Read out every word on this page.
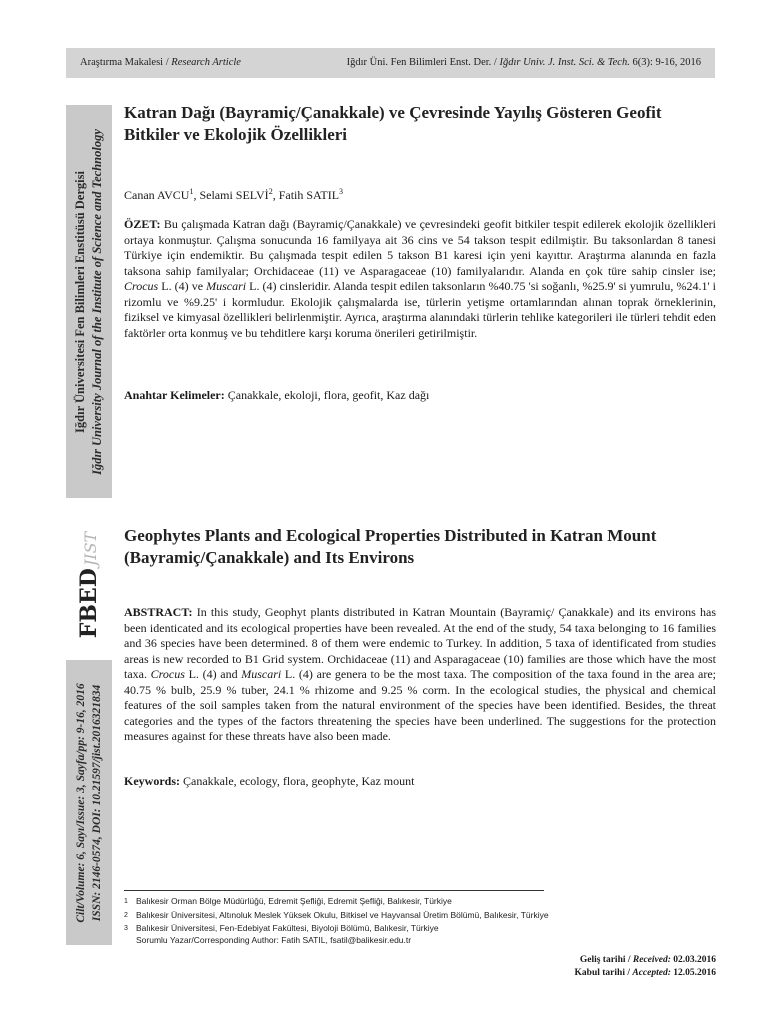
Araştırma Makalesi / Research Article	Iğdır Üni. Fen Bilimleri Enst. Der. / Iğdır Univ. J. Inst. Sci. & Tech. 6(3): 9-16, 2016
Iğdır Üniversitesi Fen Bilimleri Enstitüsü Dergisi Iğdır University Journal of the Institute of Science and Technology
FBEDJIST
Cilt/Volume: 6, Sayı/Issue: 3, Sayfa/pp: 9-16, 2016 ISSN: 2146-0574, DOI: 10.21597/jist.2016321834
Katran Dağı (Bayramiç/Çanakkale) ve Çevresinde Yayılış Gösteren Geofit Bitkiler ve Ekolojik Özellikleri
Canan AVCU$^1$, Selami SELVİ$^2$, Fatih SATIL$^3$
ÖZET: Bu çalışmada Katran dağı (Bayramiç/Çanakkale) ve çevresindeki geofit bitkiler tespit edilerek ekolojik özellikleri ortaya konmuştur. Çalışma sonucunda 16 familyaya ait 36 cins ve 54 takson tespit edilmiştir. Bu taksonlardan 8 tanesi Türkiye için endemiktir. Bu çalışmada tespit edilen 5 takson B1 karesi için yeni kayıttır. Araştırma alanında en fazla taksona sahip familyalar; Orchidaceae (11) ve Asparagaceae (10) familyalarıdır. Alanda en çok türe sahip cinsler ise; Crocus L. (4) ve Muscari L. (4) cinsleridir. Alanda tespit edilen taksonların %40.75 'si soğanlı, %25.9' si yumrulu, %24.1' i rizomlu ve %9.25' i kormludur. Ekolojik çalışmalarda ise, türlerin yetişme ortamlarından alınan toprak örneklerinin, fiziksel ve kimyasal özellikleri belirlenmiştir. Ayrıca, araştırma alanındaki türlerin tehlike kategorileri ile türleri tehdit eden faktörler orta konmuş ve bu tehditlere karşı koruma önerileri getirilmiştir.
Anahtar Kelimeler: Çanakkale, ekoloji, flora, geofit, Kaz dağı
Geophytes Plants and Ecological Properties Distributed in Katran Mount (Bayramiç/Çanakkale) and Its Environs
ABSTRACT: In this study, Geophyt plants distributed in Katran Mountain (Bayramiç/ Çanakkale) and its environs has been identicated and its ecological properties have been revealed. At the end of the study, 54 taxa belonging to 16 families and 36 species have been determined. 8 of them were endemic to Turkey. In addition, 5 taxa of identificated from studies areas is new recorded to B1 Grid system. Orchidaceae (11) and Asparagaceae (10) families are those which have the most taxa. Crocus L. (4) and Muscari L. (4) are genera to be the most taxa. The composition of the taxa found in the area are; 40.75 % bulb, 25.9 % tuber, 24.1 % rhizome and 9.25 % corm. In the ecological studies, the physical and chemical features of the soil samples taken from the natural environment of the species have been identified. Besides, the threat categories and the types of the factors threatening the species have been underlined. The suggestions for the protection measures against for these threats have also been made.
Keywords: Çanakkale, ecology, flora, geophyte, Kaz mount
1 Balıkesir Orman Bölge Müdürlüğü, Edremit Şefliği, Edremit Şefliği, Balıkesir, Türkiye
2 Balıkesir Üniversitesi, Altınoluk Meslek Yüksek Okulu, Bitkisel ve Hayvansal Üretim Bölümü, Balıkesir, Türkiye
3 Balıkesir Üniversitesi, Fen-Edebiyat Fakültesi, Biyoloji Bölümü, Balıkesir, Türkiye
Sorumlu Yazar/Corresponding Author: Fatih SATIL, fsatil@balikesir.edu.tr
Geliş tarihi / Received: 02.03.2016
Kabul tarihi / Accepted: 12.05.2016
